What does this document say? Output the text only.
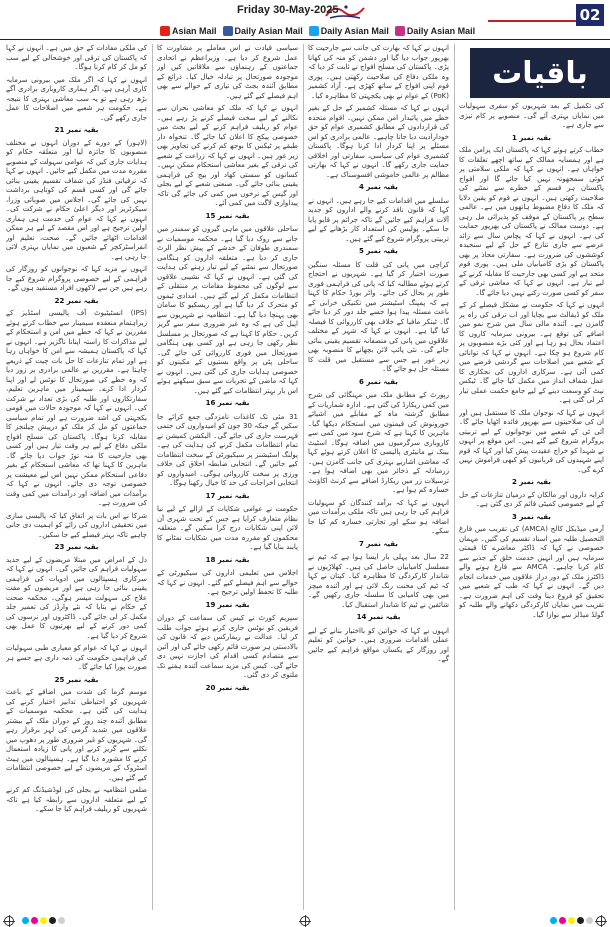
Friday 30-May-2025	02
Asian Mail Daily Asian Mail Daily Asian Mail Daily Asian Mail
باقیات

کی ملکی مفادات کے حق میں ہے۔ انہوں نے کہا کہ پاکستان کی ترقی اور خوشحالی کے لیے سب کو مل کر کام کرنا ہوگا۔

انہوں نے کہا کہ اگر ملک میں بیرونی سرمایہ کاری آرہی ہے، اگر ہماری کاروباری برادری آگے بڑھ رہی ہے تو یہ سب معاشی بہتری کا نتیجہ ہے۔ حکومت ہر شعبے میں اصلاحات کا عمل جاری رکھے گی۔

بقیہ نمبر 21

(لاہور) کے دورے کے دوران انہوں نے مختلف منصوبوں کا جائزہ لیا اور متعلقہ حکام کو ہدایات جاری کیں کہ عوامی سہولت کے منصوبے مقررہ مدت میں مکمل کیے جائیں۔ انہوں نے کہا کہ ترقیاتی فنڈز کی شفاف تقسیم یقینی بنائی جائے گی اور کسی قسم کی کوتاہی برداشت نہیں کی جائے گی۔ اجلاس میں صوبائی وزرا، سیکرٹریز اور دیگر اعلیٰ حکام نے شرکت کی۔ انہوں نے کہا کہ عوام کی خدمت ہی ہماری اولین ترجیح ہے اور اس مقصد کے لیے ہر ممکن اقدامات اٹھائے جائیں گے۔ صحت، تعلیم اور انفراسٹرکچر کے شعبوں میں نمایاں بہتری لائی جا رہی ہے۔

انہوں نے مزید کہا کہ نوجوانوں کو روزگار کی فراہمی کے لیے خصوصی پروگرام شروع کیے جا رہے ہیں جن سے لاکھوں افراد مستفید ہوں گے۔

بقیہ نمبر 22

(IPS) انسٹیٹیوٹ آف پالیسی اسٹڈیز کے زیراہتمام منعقدہ سیمینار سے خطاب کرتے ہوئے مقررین نے کہا کہ خطے میں امن و استحکام کے لیے مذاکرات کا راستہ اپنانا ناگزیر ہے۔ انہوں نے کہا کہ پاکستان ہمیشہ سے امن کا خواہاں رہا ہے اور تمام تنازعات کا حل بات چیت کے ذریعے چاہتا ہے۔ مقررین نے عالمی برادری پر زور دیا کہ وہ خطے کی صورتحال کا نوٹس لے اور اپنا کردار ادا کرے۔ سیمینار میں ماہرین تعلیم، سفارتکاروں اور طلبہ کی بڑی تعداد نے شرکت کی۔ انہوں نے کہا کہ موجودہ حالات میں قومی یکجہتی کی اشد ضرورت ہے اور تمام سیاسی جماعتوں کو مل کر ملک کو درپیش چیلنجز کا مقابلہ کرنا ہوگا۔ پاکستان کی مسلح افواج ملکی دفاع کے لیے ہر وقت تیار ہیں اور کسی بھی جارحیت کا منہ توڑ جواب دیا جائے گا۔ ماہرین کا کہنا تھا کہ معاشی استحکام کے بغیر دفاعی استحکام ممکن نہیں اس لیے معیشت پر خصوصی توجہ دی جائے۔ انہوں نے کہا کہ برآمدات میں اضافہ اور درآمدات میں کمی وقت کی ضرورت ہے۔

شرکا نے اس بات پر اتفاق کیا کہ پالیسی سازی میں تحقیقی اداروں کی رائے کو اہمیت دی جانی چاہیے تاکہ بہتر فیصلے کیے جا سکیں۔

بقیہ نمبر 23

دل کے امراض میں مبتلا مریضوں کے لیے جدید سہولیات فراہم کی جائیں گی۔ انہوں نے کہا کہ سرکاری ہسپتالوں میں ادویات کی فراہمی یقینی بنائی جا رہی ہے اور مریضوں کو مفت علاج کی سہولت میسر ہوگی۔ محکمہ صحت کے حکام نے بتایا کہ نئے وارڈز کی تعمیر جلد مکمل کر لی جائے گی۔ ڈاکٹروں اور نرسوں کی کمی دور کرنے کے لیے بھرتیوں کا عمل بھی شروع کر دیا گیا ہے۔

انہوں نے کہا کہ عوام کو معیاری طبی سہولیات کی فراہمی حکومت کی ذمہ داری ہے جسے ہر صورت پورا کیا جائے گا۔

بقیہ نمبر 25

موسم گرما کی شدت میں اضافے کے باعث شہریوں کو احتیاطی تدابیر اختیار کرنے کی ہدایت کی گئی ہے۔ محکمہ موسمیات کے مطابق آئندہ چند روز کے دوران ملک کے بیشتر علاقوں میں شدید گرمی کی لہر برقرار رہے گی۔ شہریوں کو غیر ضروری طور پر دھوپ میں نکلنے سے گریز کرنے اور پانی کا زیادہ استعمال کرنے کا مشورہ دیا گیا ہے۔ ہسپتالوں میں ہیٹ اسٹروک کے مریضوں کے لیے خصوصی انتظامات کیے گئے ہیں۔

ضلعی انتظامیہ نے بجلی کی لوڈشیڈنگ کم کرنے کے لیے متعلقہ اداروں سے رابطہ کیا ہے تاکہ شہریوں کو ریلیف فراہم کیا جا سکے۔

سیاسی قیادت نے اس معاملے پر مشاورت کا عمل شروع کر دیا ہے۔ وزیراعظم نے اتحادی جماعتوں کے رہنماؤں سے ملاقاتیں کیں اور موجودہ صورتحال پر تبادلہ خیال کیا۔ ذرائع کے مطابق آئندہ بجٹ کی تیاری کے حوالے سے بھی اہم فیصلے کیے گئے ہیں۔

انہوں نے کہا کہ ملک کو معاشی بحران سے نکالنے کے لیے سخت فیصلے کرنے پڑ رہے ہیں۔ عوام کو ریلیف فراہم کرنے کے لیے بجٹ میں خصوصی پیکج کا اعلان کیا جائے گا۔ تنخواہ دار طبقے پر ٹیکس کا بوجھ کم کرنے کی تجاویز بھی زیر غور ہیں۔ انہوں نے کہا کہ زراعت کے شعبے کی ترقی کے بغیر معاشی استحکام ممکن نہیں۔ کسانوں کو سستی کھاد اور بیج کی فراہمی یقینی بنائی جائے گی۔ صنعتی شعبے کے لیے بجلی اور گیس کے نرخوں میں کمی کی جائے گی تاکہ پیداواری لاگت میں کمی آئے۔

بقیہ نمبر 15

ساحلی علاقوں میں ماہی گیروں کو سمندر میں جانے سے روک دیا گیا ہے۔ محکمہ موسمیات نے سمندری طوفان کے خدشے کے پیش نظر الرٹ جاری کر دیا ہے۔ متعلقہ اداروں کو ہنگامی صورتحال سے نمٹنے کے لیے تیار رہنے کی ہدایت کی گئی ہے۔ انہوں نے کہا کہ نشیبی علاقوں سے لوگوں کی محفوظ مقامات پر منتقلی کے انتظامات مکمل کر لیے گئے ہیں۔ امدادی ٹیموں کو متحرک کر دیا گیا ہے اور ریسکیو کا سامان بھی پہنچا دیا گیا ہے۔ انتظامیہ نے شہریوں سے اپیل کی ہے کہ وہ غیر ضروری سفر سے گریز کریں۔ حکام کا کہنا ہے کہ صورتحال پر مسلسل نظر رکھی جا رہی ہے اور کسی بھی ہنگامی صورتحال میں فوری کارروائی کی جائے گی۔ ساحلی پٹی پر واقع بستیوں کے مکینوں کو خصوصی ہدایات جاری کی گئی ہیں۔ انہوں نے کہا کہ ماضی کے تجربات سے سبق سیکھتے ہوئے اس بار بہتر انتظامات کیے گئے ہیں۔

بقیہ نمبر 16

31 مئی تک کاغذات نامزدگی جمع کرائے جا سکیں گے جبکہ 30 جون کو امیدواروں کی حتمی فہرست جاری کی جائے گی۔ الیکشن کمیشن نے تمام انتظامات مکمل کرنے کی ہدایت کی ہے۔ پولنگ اسٹیشنز پر سیکیورٹی کے سخت انتظامات کیے جائیں گے۔ انتخابی ضابطہ اخلاق کی خلاف ورزی پر سخت کارروائی ہوگی۔ امیدواروں کو انتخابی اخراجات کی حد کا خیال رکھنا ہوگا۔

بقیہ نمبر 17

حکومت نے عوامی شکایات کے ازالے کے لیے نیا نظام متعارف کرایا ہے جس کے تحت شہری آن لائن اپنی شکایات درج کرا سکیں گے۔ متعلقہ محکموں کو مقررہ مدت میں شکایات نمٹانے کا پابند بنایا گیا ہے۔

بقیہ نمبر 18

اجلاس میں تعلیمی اداروں کی سیکیورٹی کے حوالے سے اہم فیصلے کیے گئے۔ انہوں نے کہا کہ طلبہ کا تحفظ اولین ترجیح ہے۔

بقیہ نمبر 19

سپریم کورٹ نے کیس کی سماعت کے دوران فریقین کو نوٹس جاری کرتے ہوئے جواب طلب کر لیا۔ عدالت نے ریمارکس دیے کہ قانون کی بالادستی ہر صورت قائم رکھی جائے گی اور آئین سے متصادم کسی اقدام کی اجازت نہیں دی جائے گی۔ کیس کی مزید سماعت آئندہ ہفتے تک ملتوی کر دی گئی۔

بقیہ نمبر 20

انہوں نے کہا کہ بھارت کی جانب سے جارحیت کا بھرپور جواب دیا گیا اور دشمن کو منہ کی کھانا پڑی۔ پاکستان کی مسلح افواج نے ثابت کر دیا کہ وہ ملکی دفاع کی صلاحیت رکھتی ہیں۔ پوری قوم اپنی افواج کے ساتھ کھڑی ہے۔ آزاد کشمیر (PoK) کے عوام نے بھی یکجہتی کا مظاہرہ کیا۔

انہوں نے کہا کہ مسئلہ کشمیر کے حل کے بغیر خطے میں پائیدار امن ممکن نہیں۔ اقوام متحدہ کی قراردادوں کے مطابق کشمیری عوام کو حق خودارادیت دیا جانا چاہیے۔ عالمی برادری کو اس مسئلے پر اپنا کردار ادا کرنا ہوگا۔ پاکستان کشمیری عوام کی سیاسی، سفارتی اور اخلاقی حمایت جاری رکھے گا۔ انہوں نے کہا کہ بھارتی مظالم پر عالمی خاموشی افسوسناک ہے۔

بقیہ نمبر 4

سلسلے میں اقدامات کیے جا رہے ہیں۔ انہوں نے کہا کہ قانون نافذ کرنے والے اداروں کو جدید آلات فراہم کیے جائیں گے تاکہ جرائم پر قابو پایا جا سکے۔ پولیس کی استعداد کار بڑھانے کے لیے تربیتی پروگرام شروع کیے گئے ہیں۔

بقیہ نمبر 5

کراچی میں پانی کی قلت کا مسئلہ سنگین صورت اختیار کر گیا ہے۔ شہریوں نے احتجاج کرتے ہوئے مطالبہ کیا کہ پانی کی فراہمی فوری طور پر بحال کی جائے۔ واٹر بورڈ حکام کا کہنا ہے کہ پمپنگ اسٹیشنز میں تکنیکی خرابی کے باعث مسئلہ پیدا ہوا جسے جلد دور کر دیا جائے گا۔ ٹینکر مافیا کے خلاف بھی کارروائی کا فیصلہ کیا گیا ہے۔ انہوں نے کہا کہ شہر کے مختلف علاقوں میں پانی کی منصفانہ تقسیم یقینی بنائی جائے گی۔ نئی پائپ لائن بچھانے کا منصوبہ بھی زیر غور ہے جس سے مستقبل میں قلت کا مسئلہ حل ہو جائے گا۔

بقیہ نمبر 6

رپورٹ کے مطابق ملک میں مہنگائی کی شرح میں کمی ریکارڈ کی گئی ہے۔ ادارہ شماریات کے مطابق گزشتہ ماہ کے مقابلے میں اشیائے خورونوش کی قیمتوں میں استحکام دیکھا گیا۔ ماہرین کا کہنا ہے کہ شرح سود میں کمی سے کاروباری سرگرمیوں میں اضافہ ہوگا۔ اسٹیٹ بینک نے مانیٹری پالیسی کا اعلان کرتے ہوئے کہا کہ معاشی اشاریے بہتری کی جانب گامزن ہیں۔ زرمبادلہ کے ذخائر میں بھی اضافہ ہوا ہے۔ ترسیلات زر میں ریکارڈ اضافے سے کرنٹ اکاؤنٹ خسارہ کم ہوا ہے۔

انہوں نے کہا کہ برآمد کنندگان کو سہولیات فراہم کی جا رہی ہیں تاکہ ملکی برآمدات میں اضافہ ہو سکے اور تجارتی خسارہ کم کیا جا سکے۔

بقیہ نمبر 7

22 سال بعد پہلی بار ایسا ہوا ہے کہ ٹیم نے مسلسل کامیابیاں حاصل کی ہیں۔ کھلاڑیوں نے شاندار کارکردگی کا مظاہرہ کیا۔ کپتان نے کہا کہ ٹیم کی محنت رنگ لائی ہے اور آئندہ میچز میں بھی کامیابی کا سلسلہ جاری رکھیں گے۔ شائقین نے ٹیم کا شاندار استقبال کیا۔

بقیہ نمبر 14

انہوں نے کہا کہ خواتین کو بااختیار بنانے کے لیے عملی اقدامات ضروری ہیں۔ خواتین کو تعلیم اور روزگار کے یکساں مواقع فراہم کیے جائیں گے۔

کی تکمیل کے بعد شہریوں کو سفری سہولیات میں نمایاں بہتری آئے گی۔ منصوبے پر کام تیزی سے جاری ہے۔

بقیہ نمبر 1

خطاب کرتے ہوئے کہا کہ پاکستان ایک پرامن ملک ہے اور ہمسایہ ممالک کے ساتھ اچھے تعلقات کا خواہاں ہے۔ انہوں نے کہا کہ ملکی سلامتی پر کوئی سمجھوتہ نہیں کیا جائے گا اور افواج پاکستان ہر قسم کے خطرے سے نمٹنے کی صلاحیت رکھتی ہیں۔ انہوں نے قوم کو یقین دلایا کہ ملک کا دفاع مضبوط ہاتھوں میں ہے۔ عالمی سطح پر پاکستان کے موقف کو پذیرائی مل رہی ہے۔ دوست ممالک نے پاکستان کی بھرپور حمایت کی ہے۔ انہوں نے کہا کہ پچاس سال سے زائد عرصے سے جاری تنازع کے حل کے لیے سنجیدہ کوششوں کی ضرورت ہے۔ سفارتی محاذ پر بھی پاکستان کو بڑی کامیابیاں ملی ہیں۔ پوری قوم متحد ہے اور کسی بھی جارحیت کا مقابلہ کرنے کے لیے تیار ہے۔ انہوں نے کہا کہ معاشی ترقی کے سفر کو کسی صورت رکنے نہیں دیا جائے گا۔

انہوں نے کہا کہ حکومت نے مشکل فیصلے کر کے ملک کو ڈیفالٹ سے بچایا اور اب ترقی کی راہ پر گامزن ہے۔ آئندہ مالی سال میں شرح نمو میں اضافے کی توقع ہے۔ بیرونی سرمایہ کاروں کا اعتماد بحال ہو رہا ہے اور کئی بڑے منصوبوں پر کام شروع ہو چکا ہے۔ انہوں نے کہا کہ توانائی کے شعبے میں اصلاحات سے گردشی قرضے میں کمی آئی ہے۔ سرکاری اداروں کی نجکاری کا عمل شفاف انداز میں مکمل کیا جائے گا۔ ٹیکس نیٹ کو وسعت دینے کے لیے جامع حکمت عملی تیار کر لی گئی ہے۔

انہوں نے کہا کہ نوجوان ملک کا مستقبل ہیں اور ان کی صلاحیتوں سے بھرپور فائدہ اٹھایا جائے گا۔ آئی ٹی کے شعبے میں نوجوانوں کے لیے تربیتی پروگرام شروع کیے گئے ہیں۔ اس موقع پر انہوں نے شہدا کو خراج عقیدت پیش کیا اور کہا کہ قوم اپنے شہیدوں کی قربانیوں کو کبھی فراموش نہیں کرے گی۔

بقیہ نمبر 2

کرایہ داروں اور مالکان کے درمیان تنازعات کے حل کے لیے خصوصی کمیٹی قائم کر دی گئی ہے۔

بقیہ نمبر 3

آرمی میڈیکل کالج (AMCA) کی تقریب میں فارغ التحصیل طلبہ میں اسناد تقسیم کی گئیں۔ مہمان خصوصی نے کہا کہ ڈاکٹر معاشرے کا قیمتی سرمایہ ہیں اور انہیں خدمت خلق کے جذبے سے کام کرنا چاہیے۔ AMCA سے فارغ ہونے والے ڈاکٹرز ملک کے دور دراز علاقوں میں خدمات انجام دیں گے۔ انہوں نے کہا کہ طب کے شعبے میں تحقیق کو فروغ دینا وقت کی اہم ضرورت ہے۔ تقریب میں نمایاں کارکردگی دکھانے والے طلبہ کو گولڈ میڈلز سے نوازا گیا۔
